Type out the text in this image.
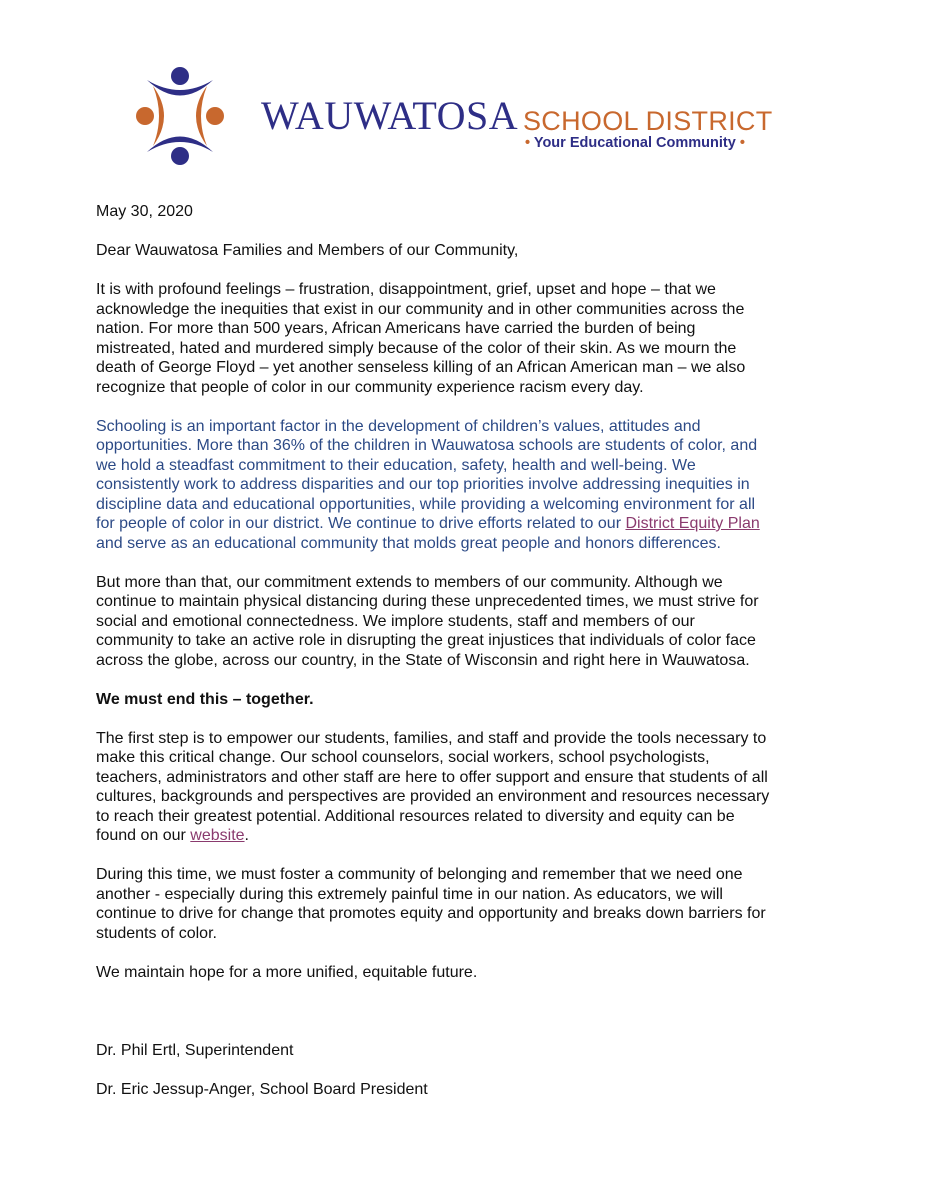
WAUWATOSA SCHOOL DISTRICT
• Your Educational Community •
May 30, 2020
Dear Wauwatosa Families and Members of our Community,
It is with profound feelings – frustration, disappointment, grief, upset and hope – that we
acknowledge the inequities that exist in our community and in other communities across the
nation. For more than 500 years, African Americans have carried the burden of being
mistreated, hated and murdered simply because of the color of their skin. As we mourn the
death of George Floyd – yet another senseless killing of an African American man – we also
recognize that people of color in our community experience racism every day.
Schooling is an important factor in the development of children’s values, attitudes and
opportunities. More than 36% of the children in Wauwatosa schools are students of color, and
we hold a steadfast commitment to their education, safety, health and well-being. We
consistently work to address disparities and our top priorities involve addressing inequities in
discipline data and educational opportunities, while providing a welcoming environment for all
for people of color in our district. We continue to drive efforts related to our District Equity Plan
and serve as an educational community that molds great people and honors differences.
But more than that, our commitment extends to members of our community. Although we
continue to maintain physical distancing during these unprecedented times, we must strive for
social and emotional connectedness. We implore students, staff and members of our
community to take an active role in disrupting the great injustices that individuals of color face
across the globe, across our country, in the State of Wisconsin and right here in Wauwatosa.
We must end this – together.
The first step is to empower our students, families, and staff and provide the tools necessary to
make this critical change. Our school counselors, social workers, school psychologists,
teachers, administrators and other staff are here to offer support and ensure that students of all
cultures, backgrounds and perspectives are provided an environment and resources necessary
to reach their greatest potential. Additional resources related to diversity and equity can be
found on our website.
During this time, we must foster a community of belonging and remember that we need one
another - especially during this extremely painful time in our nation. As educators, we will
continue to drive for change that promotes equity and opportunity and breaks down barriers for
students of color.
We maintain hope for a more unified, equitable future.
Dr. Phil Ertl, Superintendent
Dr. Eric Jessup-Anger, School Board President
